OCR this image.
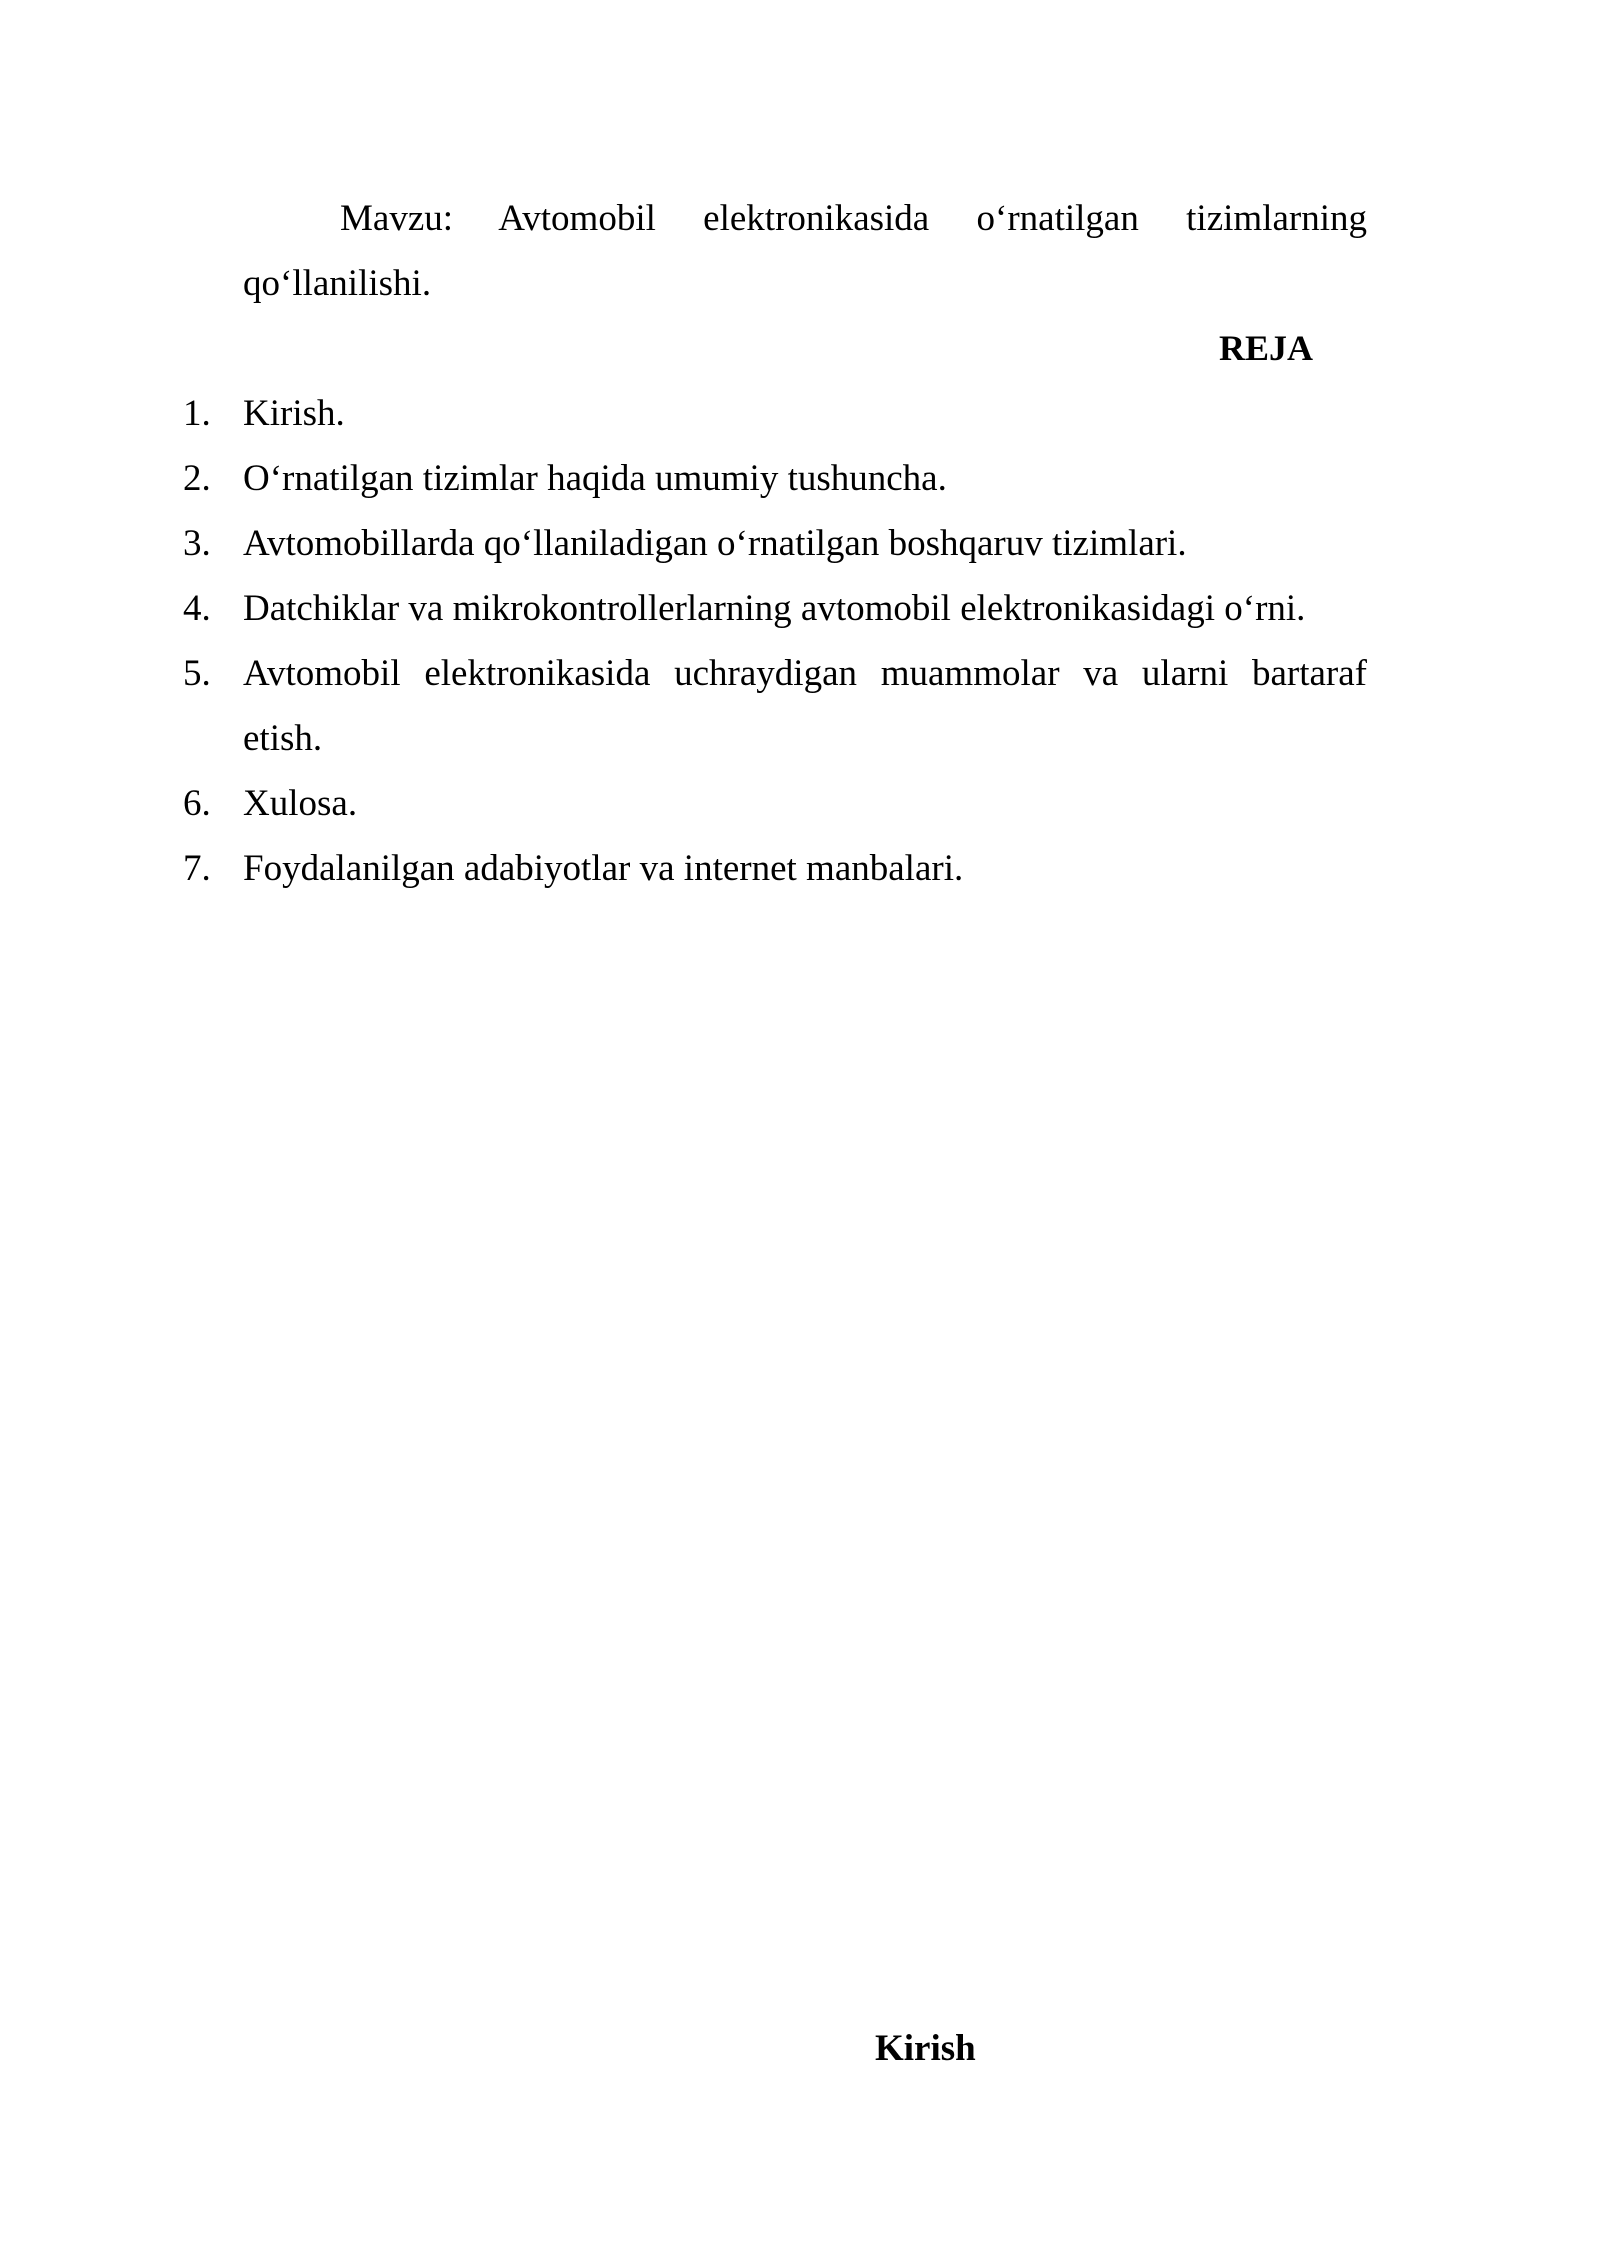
Mavzu: Avtomobil elektronikasida o‘rnatilgan tizimlarning qo‘llanilishi.

REJA
1. Kirish.
2. O‘rnatilgan tizimlar haqida umumiy tushuncha.
3. Avtomobillarda qo‘llaniladigan o‘rnatilgan boshqaruv tizimlari.
4. Datchiklar va mikrokontrollerlarning avtomobil elektronikasidagi o‘rni.
5. Avtomobil elektronikasida uchraydigan muammolar va ularni bartaraf etish.
6. Xulosa.
7. Foydalanilgan adabiyotlar va internet manbalari.
Kirish
